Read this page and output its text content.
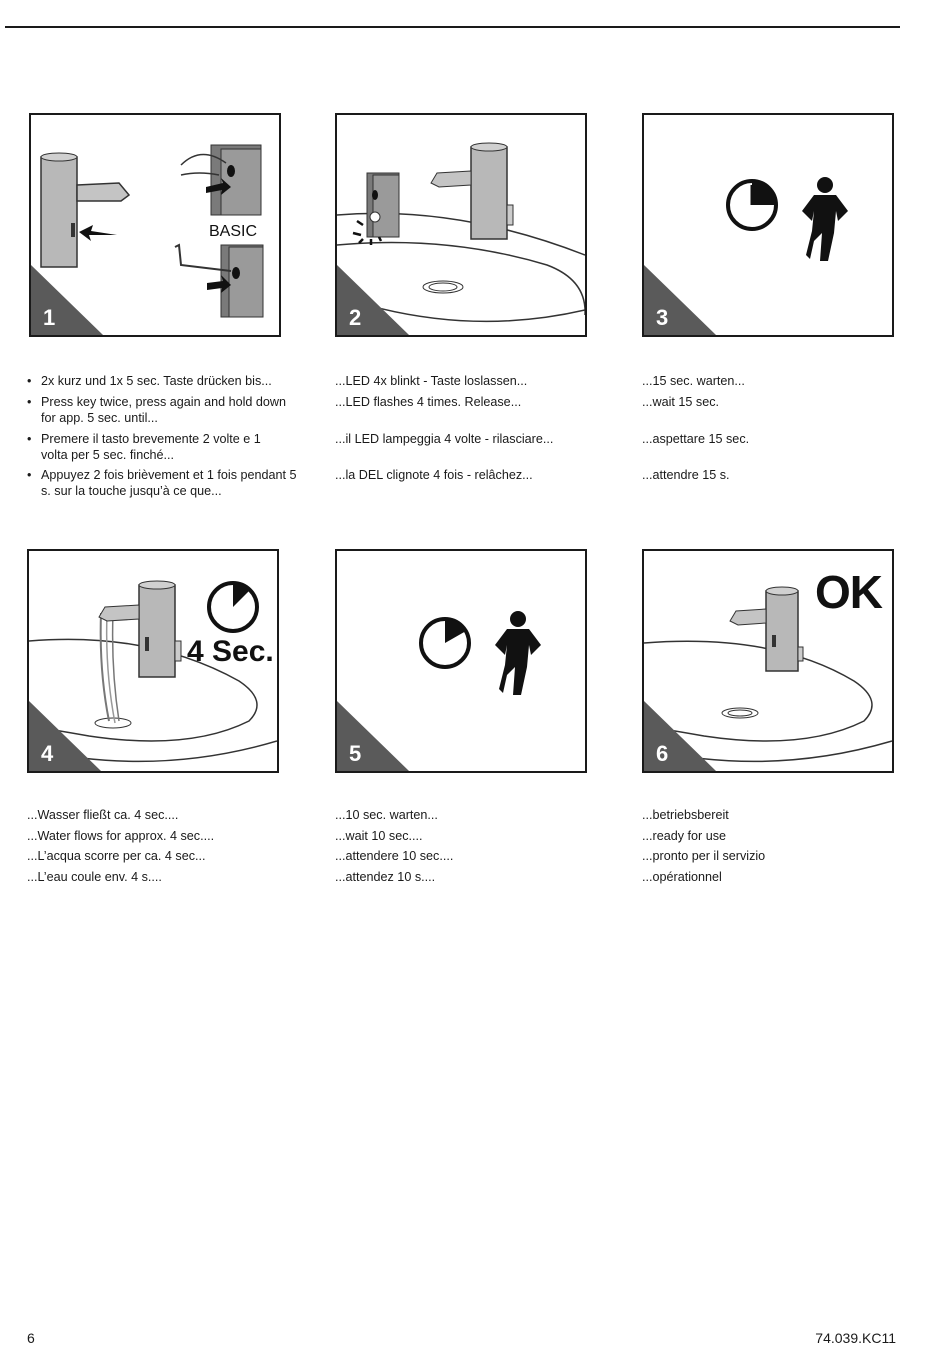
BASIC
1	2	3
4 Sec.
4	5
OK
6
• 2x kurz und 1x 5 sec. Taste drücken bis...
• Press key twice, press again and hold down for app. 5 sec. until...
• Premere il tasto brevemente 2 volte e 1 volta per 5 sec. finché...
• Appuyez 2 fois brièvement et 1 fois pendant 5 s. sur la touche jusqu’à ce que...
...LED 4x blinkt - Taste loslassen...
...LED flashes 4 times. Release...
...il LED lampeggia 4 volte - rilasciare...
...la DEL clignote 4 fois - relâchez...
...15 sec. warten...
...wait 15 sec.
...aspettare 15 sec.
...attendre 15 s.
...Wasser fließt ca. 4 sec....
...Water flows for approx. 4 sec....
...L’acqua scorre per ca. 4 sec...
...L’eau coule env. 4 s....
...10 sec. warten...
...wait 10 sec....
...attendere 10 sec....
...attendez 10 s....
...betriebsbereit
...ready for use
...pronto per il servizio
...opérationnel
6	74.039.KC11
